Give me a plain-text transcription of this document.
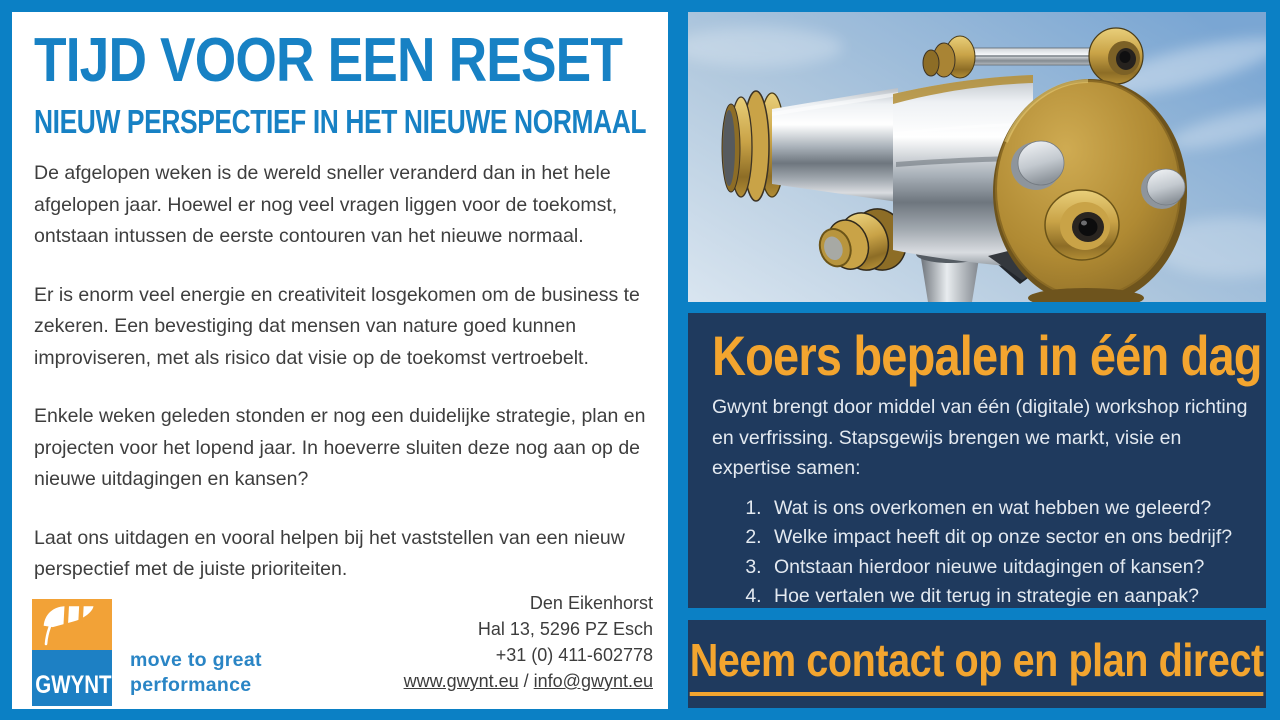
TIJD VOOR EEN RESET
NIEUW PERSPECTIEF IN HET NIEUWE NORMAAL

De afgelopen weken is de wereld sneller veranderd dan in het hele afgelopen jaar. Hoewel er nog veel vragen liggen voor de toekomst, ontstaan intussen de eerste contouren van het nieuwe normaal.

Er is enorm veel energie en creativiteit losgekomen om de business te zekeren. Een bevestiging dat mensen van nature goed kunnen improviseren, met als risico dat visie op de toekomst vertroebelt.

Enkele weken geleden stonden er nog een duidelijke strategie, plan en projecten voor het lopend jaar. In hoeverre sluiten deze nog aan op de nieuwe uitdagingen en kansen?

Laat ons uitdagen en vooral helpen bij het vaststellen van een nieuw perspectief met de juiste prioriteiten.

GWYNT
move to great
performance
Den Eikenhorst
Hal 13, 5296 PZ Esch
+31 (0) 411-602778
www.gwynt.eu / info@gwynt.eu
Koers bepalen in één dag

Gwynt brengt door middel van één (digitale) workshop richting en verfrissing. Stapsgewijs brengen we markt, visie en expertise samen:

1. Wat is ons overkomen en wat hebben we geleerd?
2. Welke impact heeft dit op onze sector en ons bedrijf?
3. Ontstaan hierdoor nieuwe uitdagingen of kansen?
4. Hoe vertalen we dit terug in strategie en aanpak?
Neem contact op en plan direct
